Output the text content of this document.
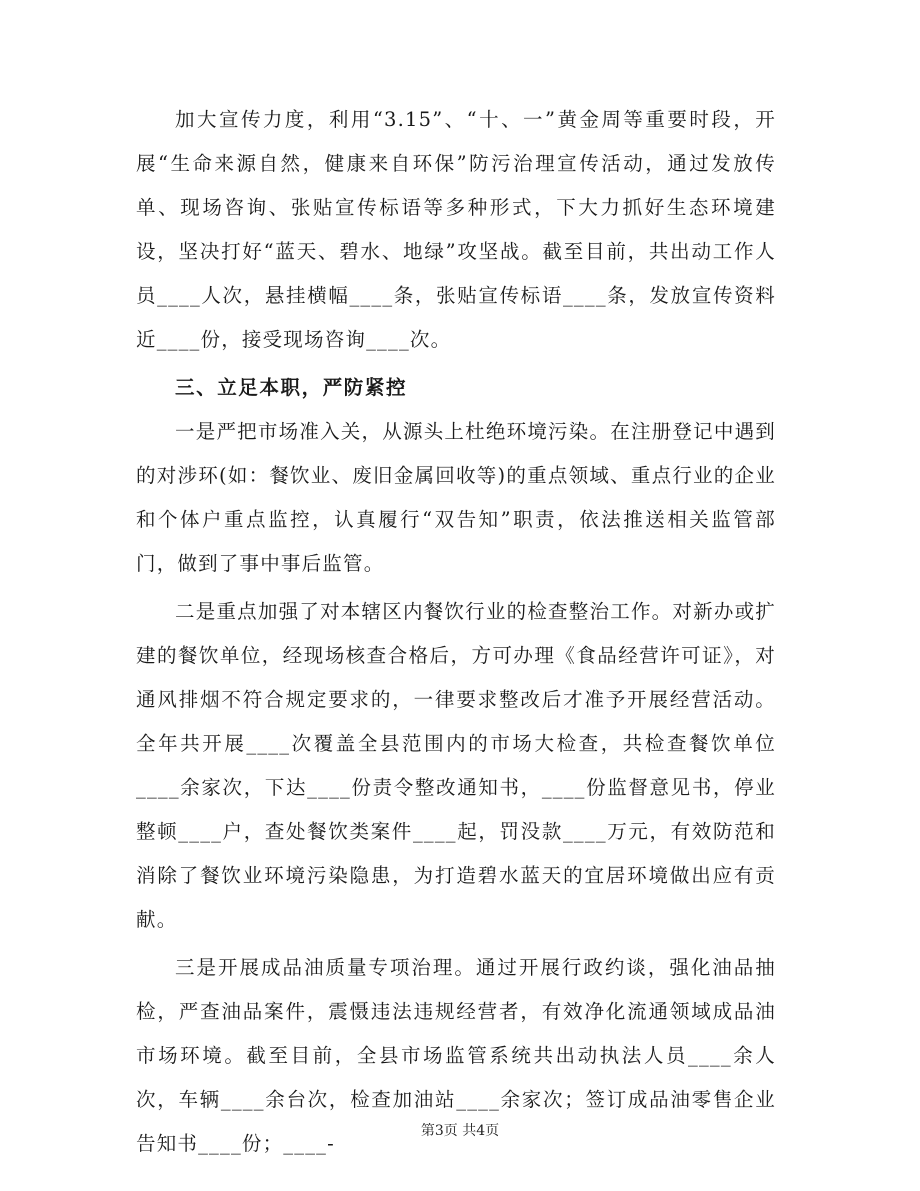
加大宣传力度，利用“3.15”、“十、一”黄金周等重要时段，开展“生命来源自然，健康来自环保”防污治理宣传活动，通过发放传单、现场咨询、张贴宣传标语等多种形式，下大力抓好生态环境建设，坚决打好“蓝天、碧水、地绿”攻坚战。截至目前，共出动工作人员____人次，悬挂横幅____条，张贴宣传标语____条，发放宣传资料近____份，接受现场咨询____次。

三、立足本职，严防紧控

一是严把市场准入关，从源头上杜绝环境污染。在注册登记中遇到的对涉环(如：餐饮业、废旧金属回收等)的重点领域、重点行业的企业和个体户重点监控，认真履行“双告知”职责，依法推送相关监管部门，做到了事中事后监管。

二是重点加强了对本辖区内餐饮行业的检查整治工作。对新办或扩建的餐饮单位，经现场核查合格后，方可办理《食品经营许可证》，对通风排烟不符合规定要求的，一律要求整改后才准予开展经营活动。全年共开展____次覆盖全县范围内的市场大检查，共检查餐饮单位____余家次，下达____份责令整改通知书，____份监督意见书，停业整顿____户，查处餐饮类案件____起，罚没款____万元，有效防范和消除了餐饮业环境污染隐患，为打造碧水蓝天的宜居环境做出应有贡献。

三是开展成品油质量专项治理。通过开展行政约谈，强化油品抽检，严查油品案件，震慑违法违规经营者，有效净化流通领域成品油市场环境。截至目前，全县市场监管系统共出动执法人员____余人次，车辆____余台次，检查加油站____余家次；签订成品油零售企业告知书____份；____-

第3页 共4页
